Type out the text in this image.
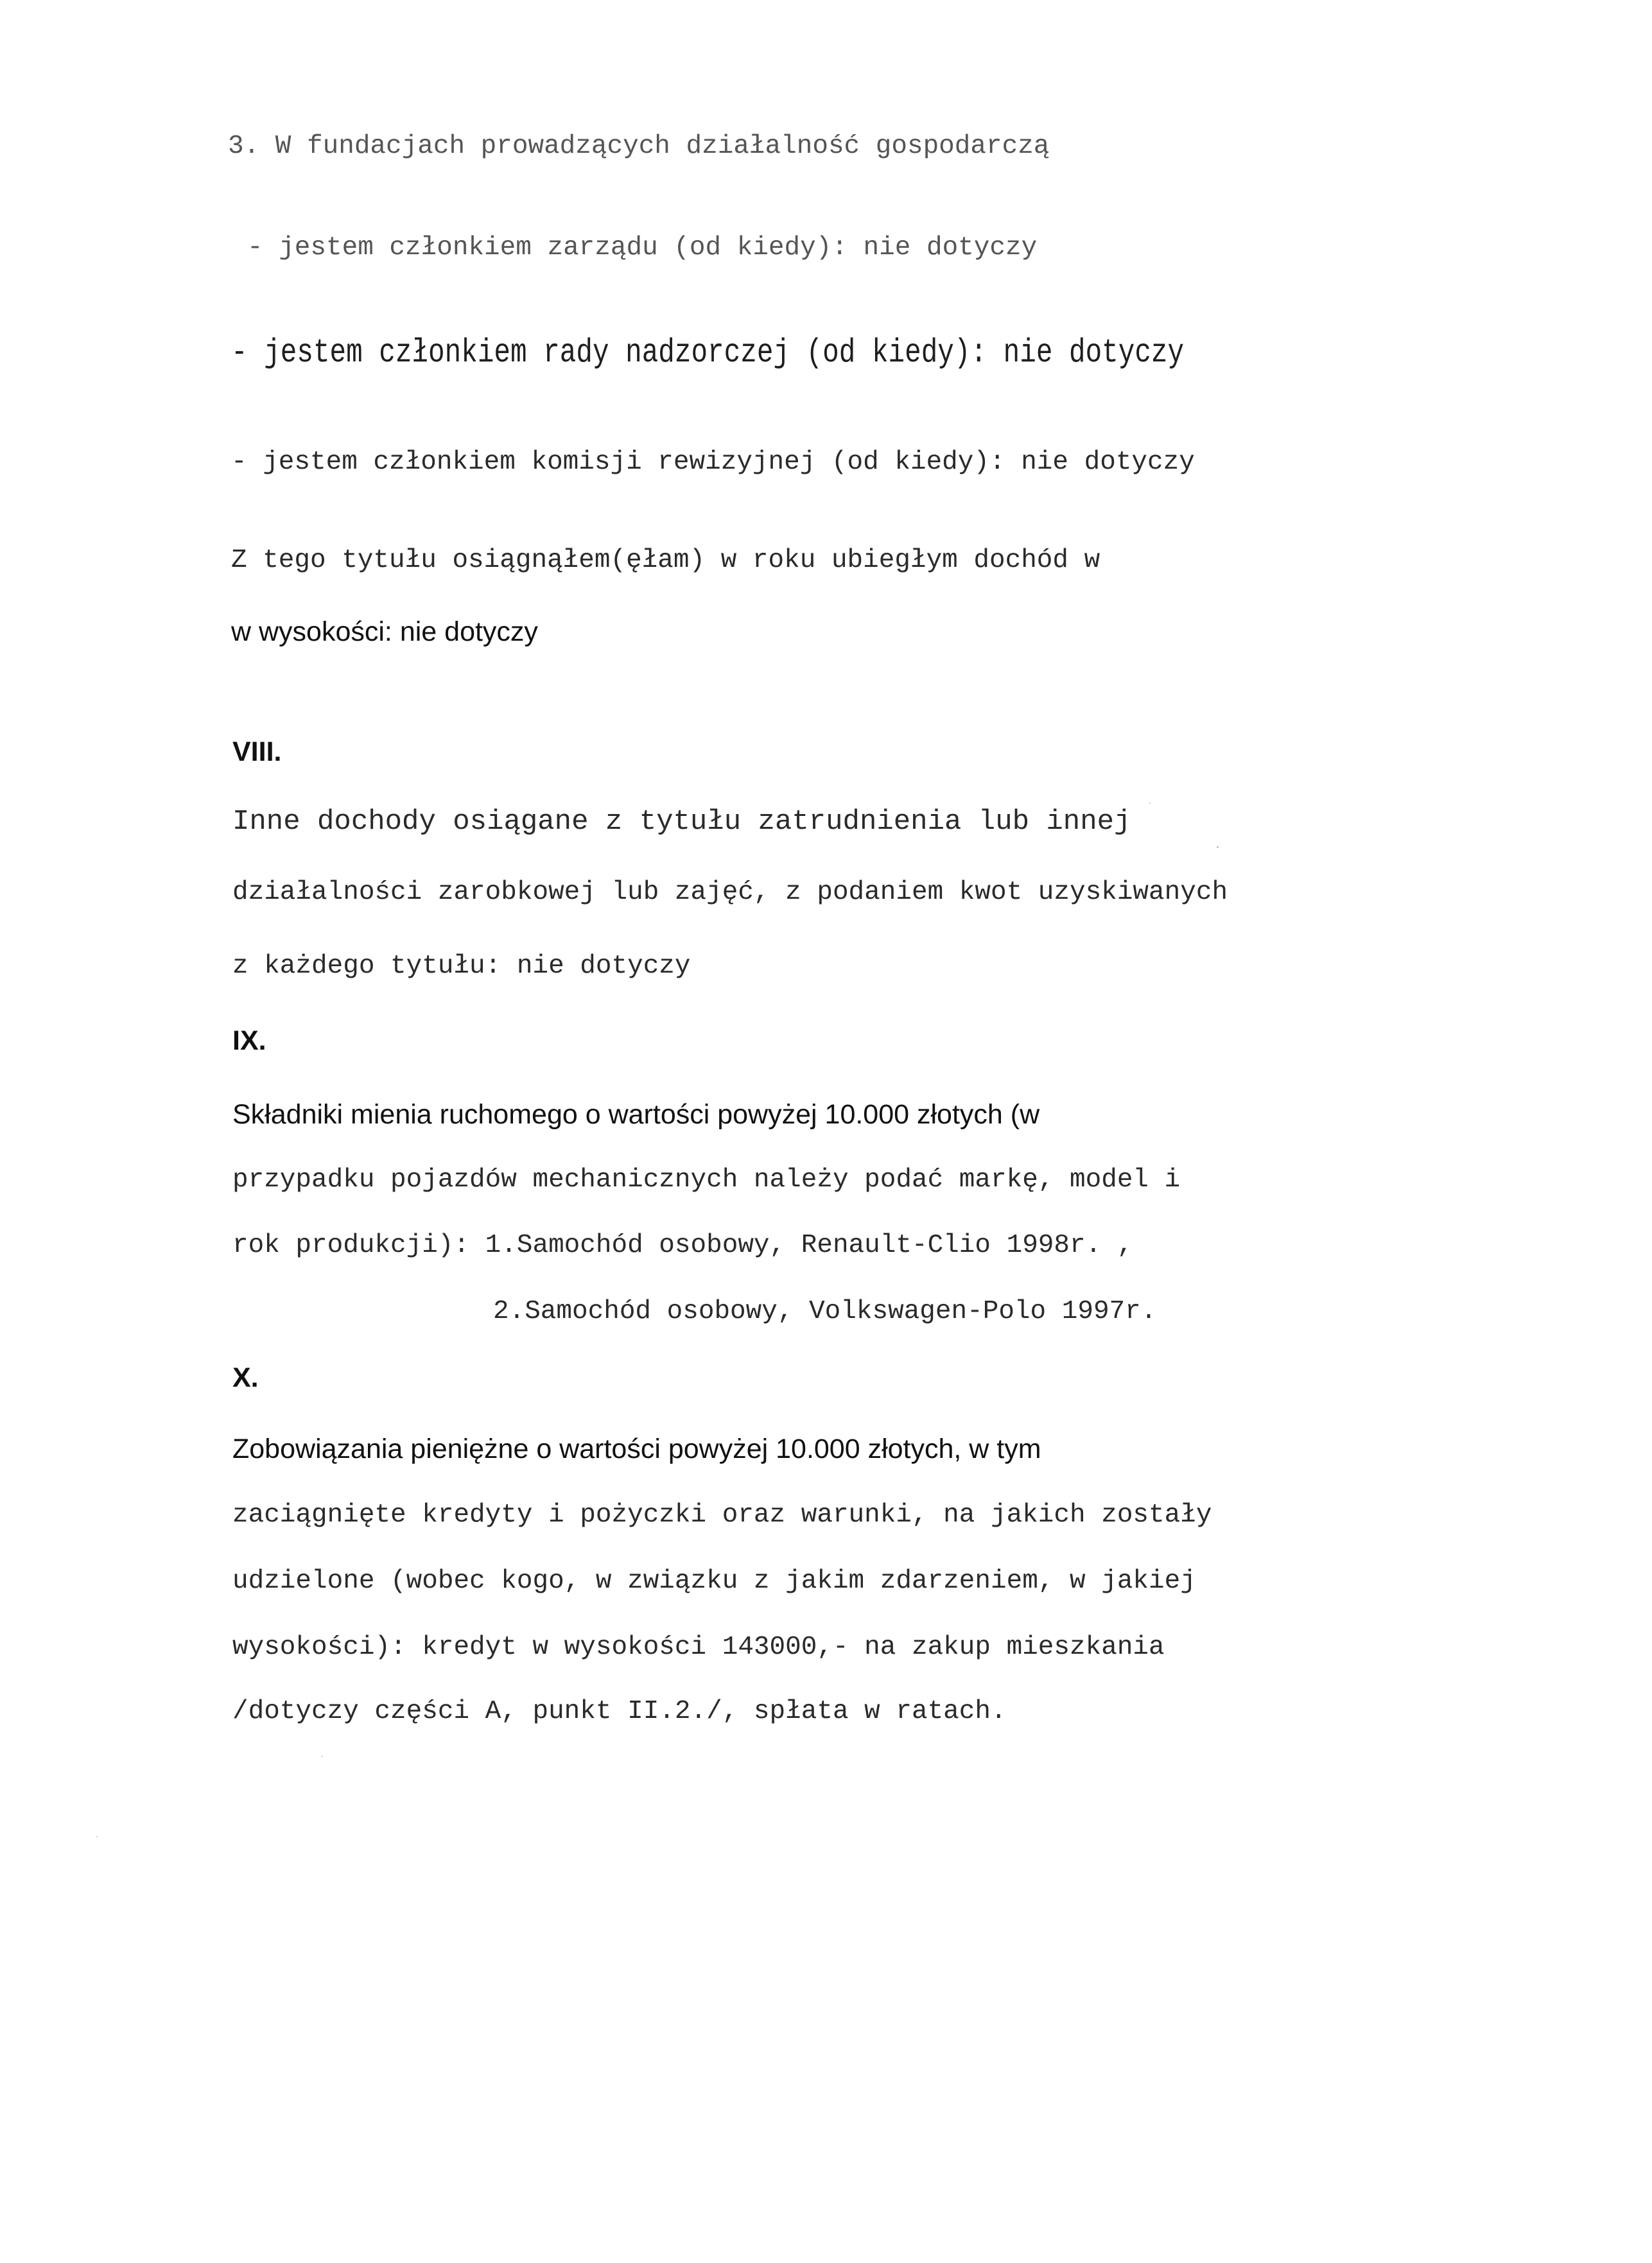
3. W fundacjach prowadzących działalność gospodarczą
- jestem członkiem zarządu (od kiedy): nie dotyczy
- jestem członkiem rady nadzorczej (od kiedy): nie dotyczy
- jestem członkiem komisji rewizyjnej (od kiedy): nie dotyczy
Z tego tytułu osiągnąłem(ęłam) w roku ubiegłym dochód w
w wysokości: nie dotyczy
VIII.
Inne dochody osiągane z tytułu zatrudnienia lub innej
działalności zarobkowej lub zajęć, z podaniem kwot uzyskiwanych
z każdego tytułu: nie dotyczy
IX.
Składniki mienia ruchomego o wartości powyżej 10.000 złotych (w
przypadku pojazdów mechanicznych należy podać markę, model i
rok produkcji): 1.Samochód osobowy, Renault-Clio 1998r. ,
2.Samochód osobowy, Volkswagen-Polo 1997r.
X.
Zobowiązania pieniężne o wartości powyżej 10.000 złotych, w tym
zaciągnięte kredyty i pożyczki oraz warunki, na jakich zostały
udzielone (wobec kogo, w związku z jakim zdarzeniem, w jakiej
wysokości): kredyt w wysokości 143000,- na zakup mieszkania
/dotyczy części A, punkt II.2./, spłata w ratach.
